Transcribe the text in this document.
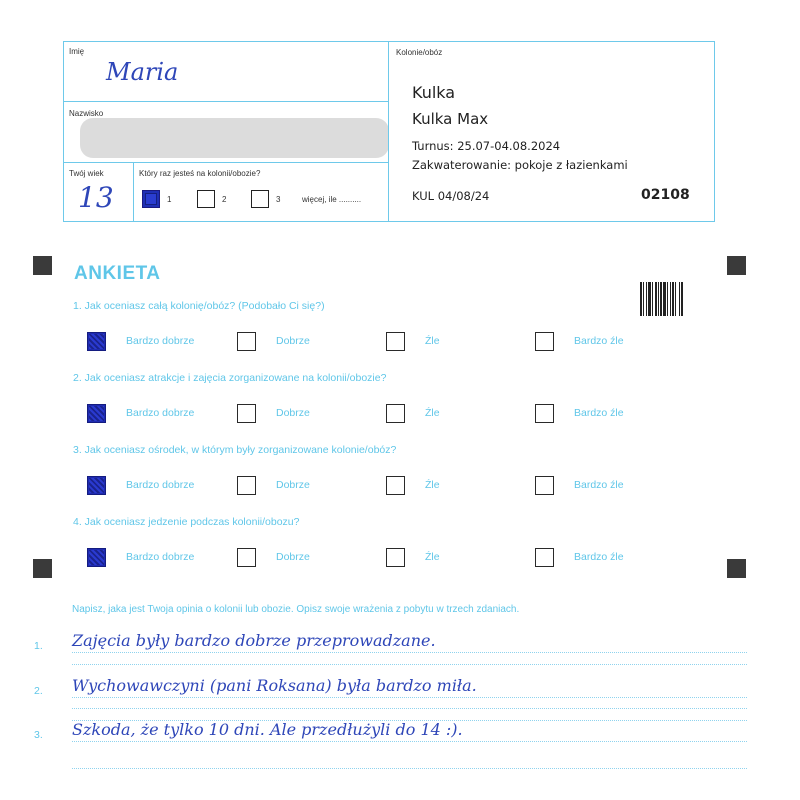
Imię
Maria
Nazwisko
Twój wiek
13
Który raz jesteś na kolonii/obozie?
1	2	3	więcej, ile ..........
Kolonie/obóz
Kulka
Kulka Max
Turnus: 25.07-04.08.2024
Zakwaterowanie: pokoje z łazienkami
KUL 04/08/24	02108
ANKIETA
1. Jak oceniasz całą kolonię/obóz? (Podobało Ci się?)
Bardzo dobrze	Dobrze	Źle	Bardzo źle
2. Jak oceniasz atrakcje i zajęcia zorganizowane na kolonii/obozie?
Bardzo dobrze	Dobrze	Źle	Bardzo źle
3. Jak oceniasz ośrodek, w którym były zorganizowane kolonie/obóz?
Bardzo dobrze	Dobrze	Źle	Bardzo źle
4. Jak oceniasz jedzenie podczas kolonii/obozu?
Bardzo dobrze	Dobrze	Źle	Bardzo źle
Napisz, jaka jest Twoja opinia o kolonii lub obozie. Opisz swoje wrażenia z pobytu w trzech zdaniach.
1. Zajęcia były bardzo dobrze przeprowadzane.
2. Wychowawczyni (pani Roksana) była bardzo miła.
3. Szkoda, że tylko 10 dni. Ale przedłużyli do 14 :).
